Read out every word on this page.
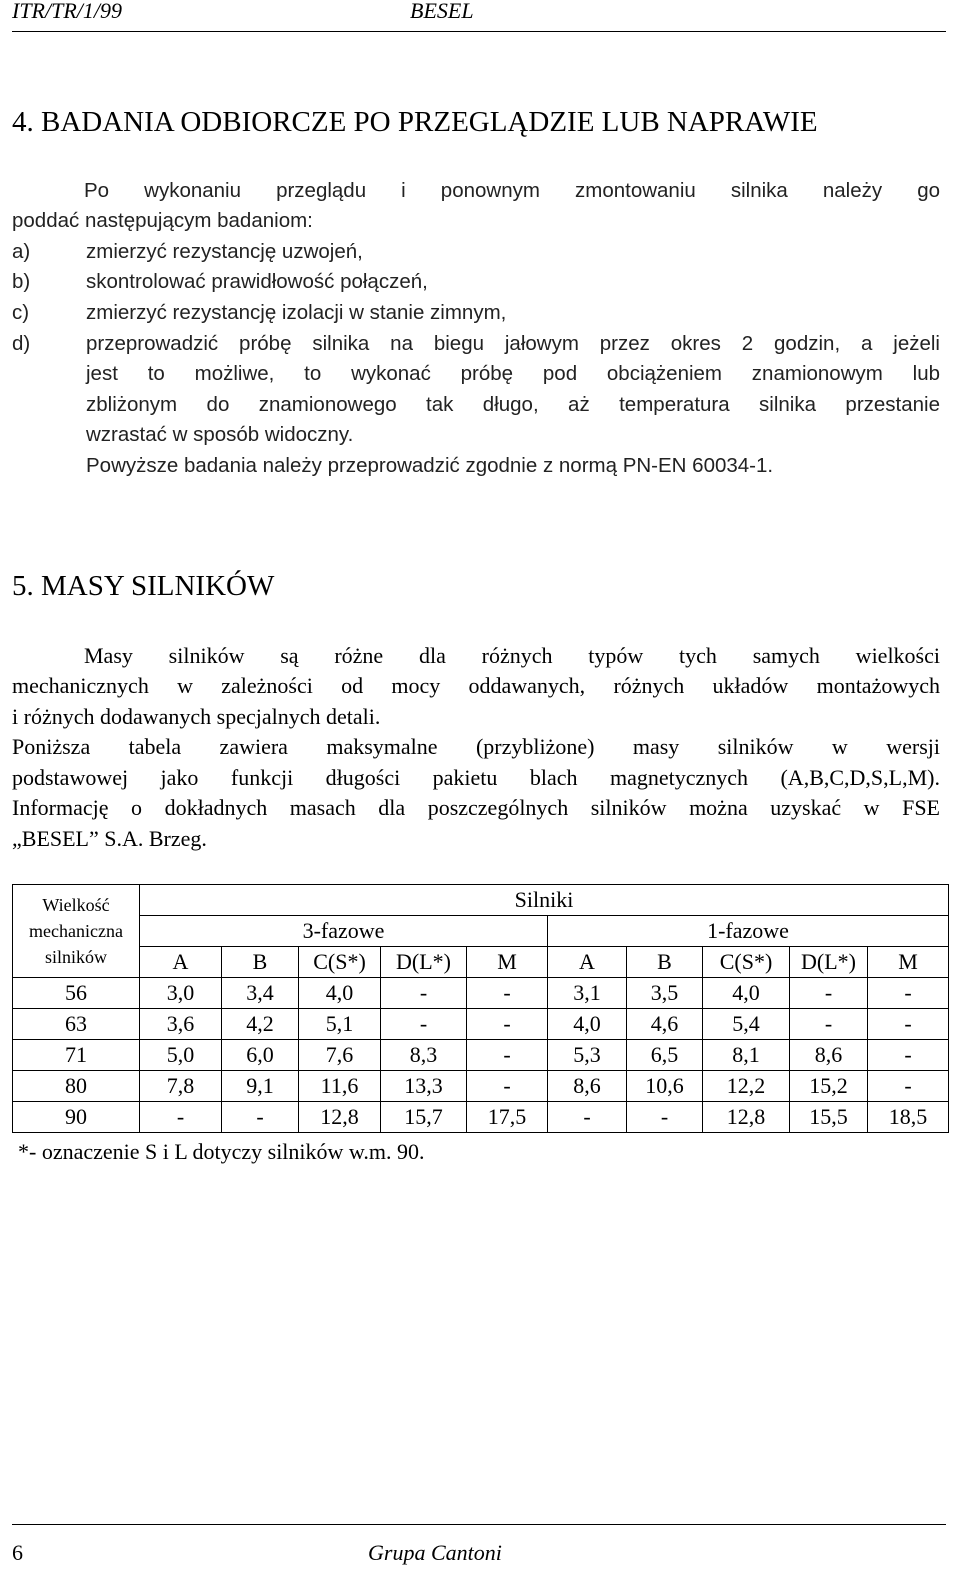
ITR/TR/1/99	BESEL
4. BADANIA ODBIORCZE PO PRZEGLĄDZIE LUB NAPRAWIE
Po wykonaniu przeglądu i ponownym zmontowaniu silnika należy go
poddać następującym badaniom:
a)	zmierzyć rezystancję uzwojeń,
b)	skontrolować prawidłowość połączeń,
c)	zmierzyć rezystancję izolacji w stanie zimnym,
d)	przeprowadzić próbę silnika na biegu jałowym przez okres 2 godzin, a jeżeli
jest to możliwe, to wykonać próbę pod obciążeniem znamionowym lub
zbliżonym do znamionowego tak długo, aż temperatura silnika przestanie
wzrastać w sposób widoczny.
Powyższe badania należy przeprowadzić zgodnie z normą PN-EN 60034-1.
5. MASY SILNIKÓW
Masy silników są różne dla różnych typów tych samych wielkości
mechanicznych w zależności od mocy oddawanych, różnych układów montażowych
i różnych dodawanych specjalnych detali.
Poniższa tabela zawiera maksymalne (przybliżone) masy silników w wersji
podstawowej jako funkcji długości pakietu blach magnetycznych (A,B,C,D,S,L,M).
Informację o dokładnych masach dla poszczególnych silników można uzyskać w FSE
„BESEL” S.A. Brzeg.
Wielkość mechaniczna silników	Silniki									
	3-fazowe					1-fazowe				
	A	B	C(S*)	D(L*)	M	A	B	C(S*)	D(L*)	M
56	3,0	3,4	4,0	-	-	3,1	3,5	4,0	-	-
63	3,6	4,2	5,1	-	-	4,0	4,6	5,4	-	-
71	5,0	6,0	7,6	8,3	-	5,3	6,5	8,1	8,6	-
80	7,8	9,1	11,6	13,3	-	8,6	10,6	12,2	15,2	-
90	-	-	12,8	15,7	17,5	-	-	12,8	15,5	18,5
*- oznaczenie S i L dotyczy silników w.m. 90.
6	Grupa Cantoni
